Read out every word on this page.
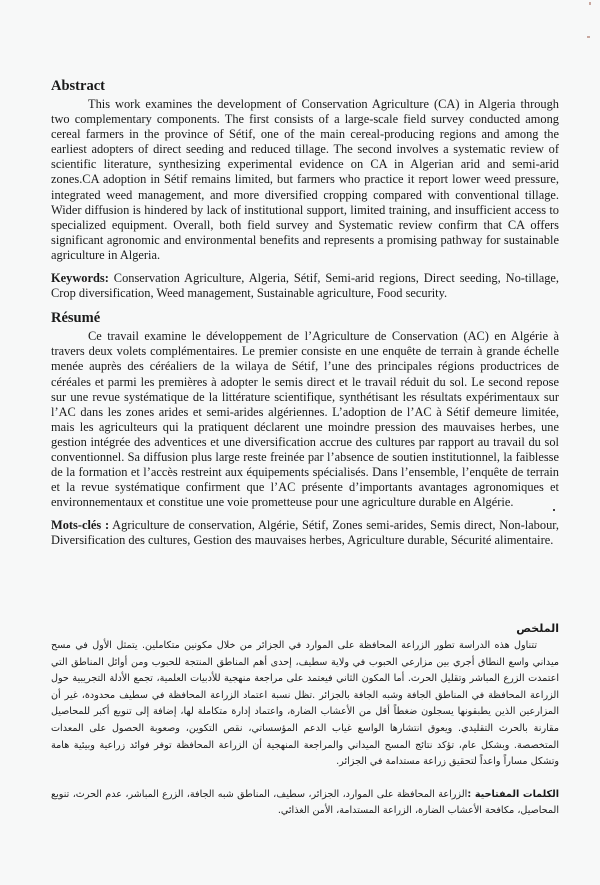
Abstract

This work examines the development of Conservation Agriculture (CA) in Algeria through two complementary components. The first consists of a large-scale field survey conducted among cereal farmers in the province of Sétif, one of the main cereal-producing regions and among the earliest adopters of direct seeding and reduced tillage. The second involves a systematic review of scientific literature, synthesizing experimental evidence on CA in Algerian arid and semi-arid zones.CA adoption in Sétif remains limited, but farmers who practice it report lower weed pressure, integrated weed management, and more diversified cropping compared with conventional tillage. Wider diffusion is hindered by lack of institutional support, limited training, and insufficient access to specialized equipment. Overall, both field survey and Systematic review confirm that CA offers significant agronomic and environmental benefits and represents a promising pathway for sustainable agriculture in Algeria.

Keywords: Conservation Agriculture, Algeria, Sétif, Semi-arid regions, Direct seeding, No-tillage, Crop diversification, Weed management, Sustainable agriculture, Food security.

Résumé

Ce travail examine le développement de l’Agriculture de Conservation (AC) en Algérie à travers deux volets complémentaires. Le premier consiste en une enquête de terrain à grande échelle menée auprès des céréaliers de la wilaya de Sétif, l’une des principales régions productrices de céréales et parmi les premières à adopter le semis direct et le travail réduit du sol. Le second repose sur une revue systématique de la littérature scientifique, synthétisant les résultats expérimentaux sur l’AC dans les zones arides et semi-arides algériennes. L’adoption de l’AC à Sétif demeure limitée, mais les agriculteurs qui la pratiquent déclarent une moindre pression des mauvaises herbes, une gestion intégrée des adventices et une diversification accrue des cultures par rapport au travail du sol conventionnel. Sa diffusion plus large reste freinée par l’absence de soutien institutionnel, la faiblesse de la formation et l’accès restreint aux équipements spécialisés. Dans l’ensemble, l’enquête de terrain et la revue systématique confirment que l’AC présente d’importants avantages agronomiques et environnementaux et constitue une voie prometteuse pour une agriculture durable en Algérie.

Mots-clés : Agriculture de conservation, Algérie, Sétif, Zones semi-arides, Semis direct, Non-labour, Diversification des cultures, Gestion des mauvaises herbes, Agriculture durable, Sécurité alimentaire.

الملخص

تتناول هذه الدراسة تطور الزراعة المحافظة على الموارد في الجزائر من خلال مكونين متكاملين. يتمثل الأول في مسح ميداني واسع النطاق أجري بين مزارعي الحبوب في ولاية سطيف، إحدى أهم المناطق المنتجة للحبوب ومن أوائل المناطق التي اعتمدت الزرع المباشر وتقليل الحرث. أما المكون الثاني فيعتمد على مراجعة منهجية للأدبيات العلمية، تجمع الأدلة التجريبية حول الزراعة المحافظة في المناطق الجافة وشبه الجافة بالجزائر .تظل نسبة اعتماد الزراعة المحافظة في سطيف محدودة، غير أن المزارعين الذين يطبقونها يسجلون ضغطاً أقل من الأعشاب الضارة، واعتماد إدارة متكاملة لها، إضافة إلى تنويع أكبر للمحاصيل مقارنة بالحرث التقليدي. ويعوق انتشارها الواسع غياب الدعم المؤسساتي، نقص التكوين، وصعوبة الحصول على المعدات المتخصصة. وبشكل عام، تؤكد نتائج المسح الميداني والمراجعة المنهجية أن الزراعة المحافظة توفر فوائد زراعية وبيئية هامة وتشكل مساراً واعداً لتحقيق زراعة مستدامة في الجزائر.

الكلمات المفتاحية :الزراعة المحافظة على الموارد، الجزائر، سطيف، المناطق شبه الجافة، الزرع المباشر، عدم الحرث، تنويع المحاصيل، مكافحة الأعشاب الضارة، الزراعة المستدامة، الأمن الغذائي.
